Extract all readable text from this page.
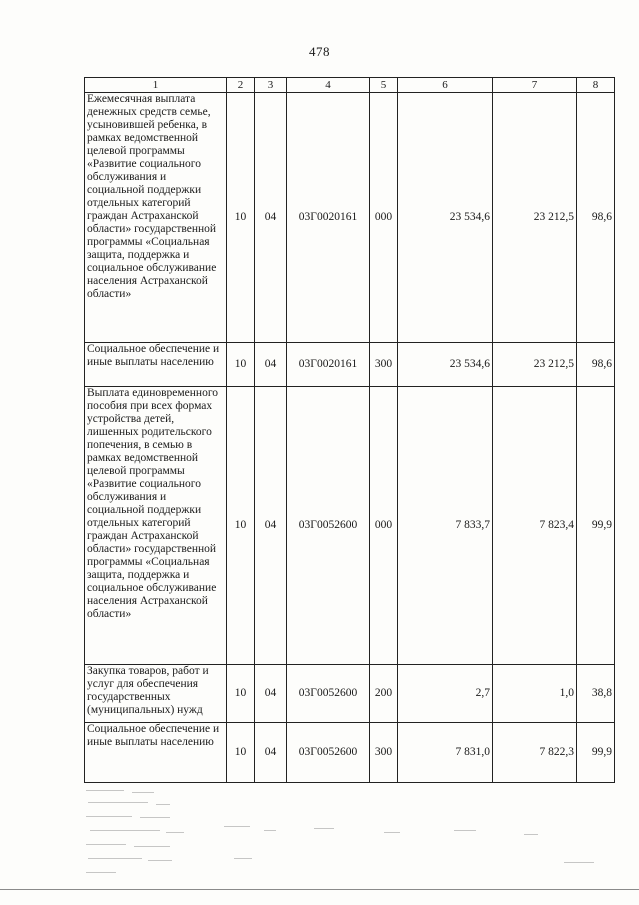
478
1	2	3	4	5	6	7	8
Ежемесячная выплата денежных средств семье, усыновившей ребенка, в рамках ведомственной целевой программы «Развитие социального обслуживания и социальной поддержки отдельных категорий граждан Астраханской области» государственной программы «Социальная защита, поддержка и социальное обслуживание населения Астраханской области»	10	04	03Г0020161	000	23 534,6	23 212,5	98,6
Социальное обеспечение и иные выплаты населению	10	04	03Г0020161	300	23 534,6	23 212,5	98,6
Выплата единовременного пособия при всех формах устройства детей, лишенных родительского попечения, в семью в рамках ведомственной целевой программы «Развитие социального обслуживания и социальной поддержки отдельных категорий граждан Астраханской области» государственной программы «Социальная защита, поддержка и социальное обслуживание населения Астраханской области»	10	04	03Г0052600	000	7 833,7	7 823,4	99,9
Закупка товаров, работ и услуг для обеспечения государственных (муниципальных) нужд	10	04	03Г0052600	200	2,7	1,0	38,8
Социальное обеспечение и иные выплаты населению	10	04	03Г0052600	300	7 831,0	7 822,3	99,9
